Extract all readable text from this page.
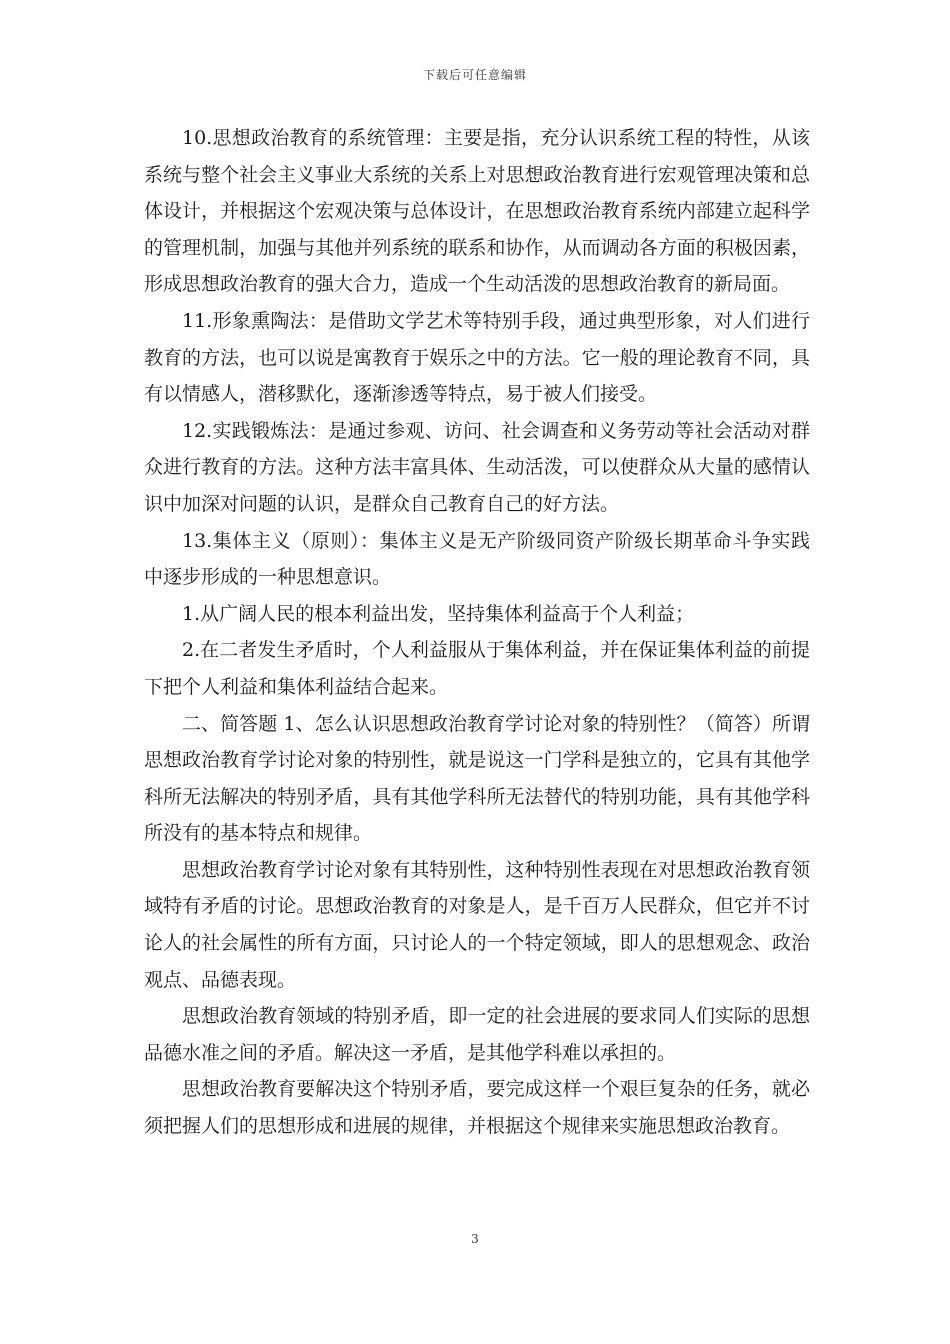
下载后可任意编辑

10.思想政治教育的系统管理：主要是指，充分认识系统工程的特性，从该系统与整个社会主义事业大系统的关系上对思想政治教育进行宏观管理决策和总体设计，并根据这个宏观决策与总体设计，在思想政治教育系统内部建立起科学的管理机制，加强与其他并列系统的联系和协作，从而调动各方面的积极因素，形成思想政治教育的强大合力，造成一个生动活泼的思想政治教育的新局面。

11.形象熏陶法：是借助文学艺术等特别手段，通过典型形象，对人们进行教育的方法，也可以说是寓教育于娱乐之中的方法。它一般的理论教育不同，具有以情感人，潜移默化，逐渐渗透等特点，易于被人们接受。

12.实践锻炼法：是通过参观、访问、社会调查和义务劳动等社会活动对群众进行教育的方法。这种方法丰富具体、生动活泼，可以使群众从大量的感情认识中加深对问题的认识，是群众自己教育自己的好方法。

13.集体主义（原则）：集体主义是无产阶级同资产阶级长期革命斗争实践中逐步形成的一种思想意识。

1.从广阔人民的根本利益出发，坚持集体利益高于个人利益；

2.在二者发生矛盾时，个人利益服从于集体利益，并在保证集体利益的前提下把个人利益和集体利益结合起来。

二、简答题 1、怎么认识思想政治教育学讨论对象的特别性？（简答）所谓思想政治教育学讨论对象的特别性，就是说这一门学科是独立的，它具有其他学科所无法解决的特别矛盾，具有其他学科所无法替代的特别功能，具有其他学科所没有的基本特点和规律。

思想政治教育学讨论对象有其特别性，这种特别性表现在对思想政治教育领域特有矛盾的讨论。思想政治教育的对象是人，是千百万人民群众，但它并不讨论人的社会属性的所有方面，只讨论人的一个特定领域，即人的思想观念、政治观点、品德表现。

思想政治教育领域的特别矛盾，即一定的社会进展的要求同人们实际的思想品德水准之间的矛盾。解决这一矛盾，是其他学科难以承担的。

思想政治教育要解决这个特别矛盾，要完成这样一个艰巨复杂的任务，就必须把握人们的思想形成和进展的规律，并根据这个规律来实施思想政治教育。

3
